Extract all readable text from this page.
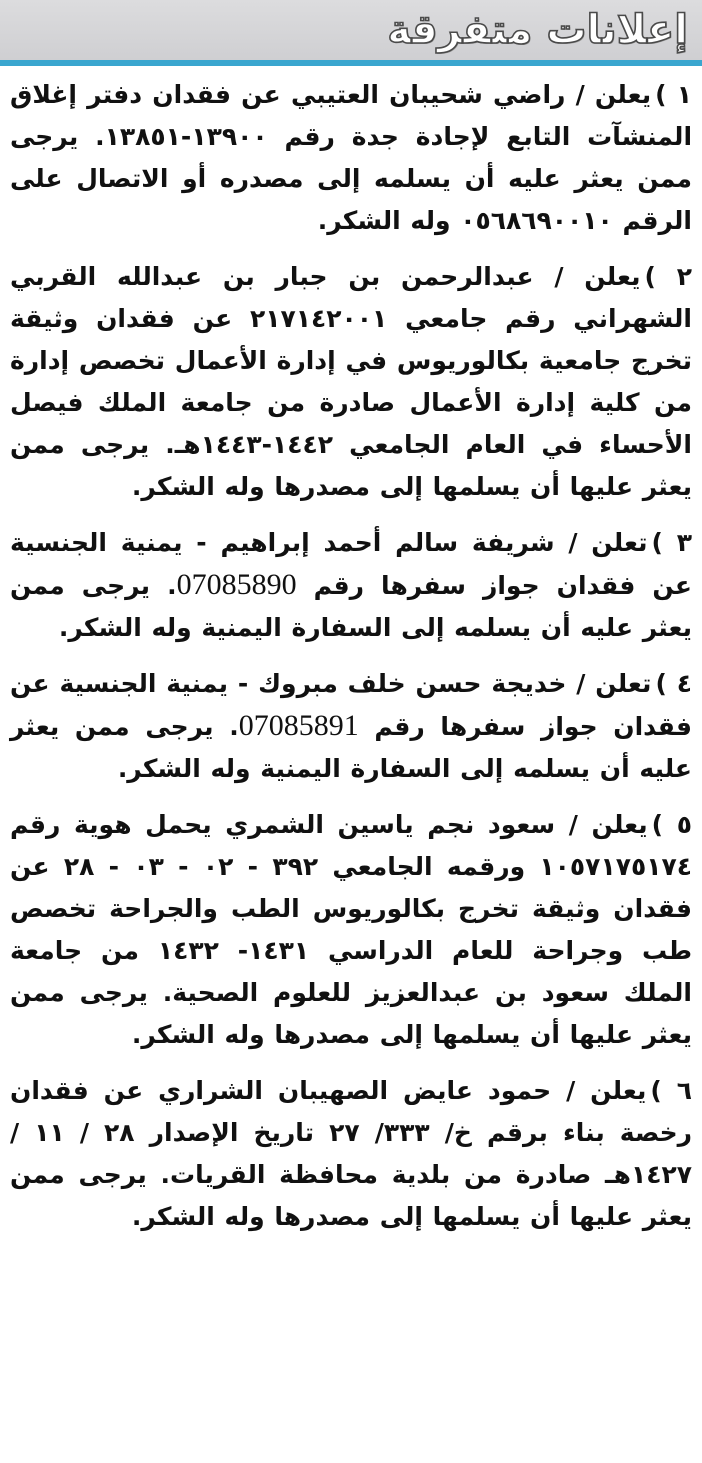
إعلانات متفرقة

١ )يعلن / راضي شحيبان العتيبي عن فقدان دفتر إغلاق المنشآت التابع لإجادة جدة رقم ١٣٩٠٠-١٣٨٥١. يرجى ممن يعثر عليه أن يسلمه إلى مصدره أو الاتصال على الرقم ٠٥٦٨٦٩٠٠١٠ وله الشكر.

٢ )يعلن / عبدالرحمن بن جبار بن عبدالله القربي الشهراني رقم جامعي ٢١٧١٤٢٠٠١ عن فقدان وثيقة تخرج جامعية بكالوريوس في إدارة الأعمال تخصص إدارة من كلية إدارة الأعمال صادرة من جامعة الملك فيصل الأحساء في العام الجامعي ١٤٤٢-١٤٤٣هـ. يرجى ممن يعثر عليها أن يسلمها إلى مصدرها وله الشكر.

٣ )تعلن / شريفة سالم أحمد إبراهيم - يمنية الجنسية عن فقدان جواز سفرها رقم 07085890. يرجى ممن يعثر عليه أن يسلمه إلى السفارة اليمنية وله الشكر.

٤ )تعلن / خديجة حسن خلف مبروك - يمنية الجنسية عن فقدان جواز سفرها رقم 07085891. يرجى ممن يعثر عليه أن يسلمه إلى السفارة اليمنية وله الشكر.

٥ )يعلن / سعود نجم ياسين الشمري يحمل هوية رقم ١٠٥٧١٧٥١٧٤ ورقمه الجامعي ٣٩٢ - ٠٢ - ٠٣ - ٢٨ عن فقدان وثيقة تخرج بكالوريوس الطب والجراحة تخصص طب وجراحة للعام الدراسي ١٤٣١- ١٤٣٢ من جامعة الملك سعود بن عبدالعزيز للعلوم الصحية. يرجى ممن يعثر عليها أن يسلمها إلى مصدرها وله الشكر.

٦ )يعلن / حمود عايض الصهيبان الشراري عن فقدان رخصة بناء برقم خ/ ٣٣٣/ ٢٧ تاريخ الإصدار ٢٨ / ١١ / ١٤٢٧هـ صادرة من بلدية محافظة القريات. يرجى ممن يعثر عليها أن يسلمها إلى مصدرها وله الشكر.
